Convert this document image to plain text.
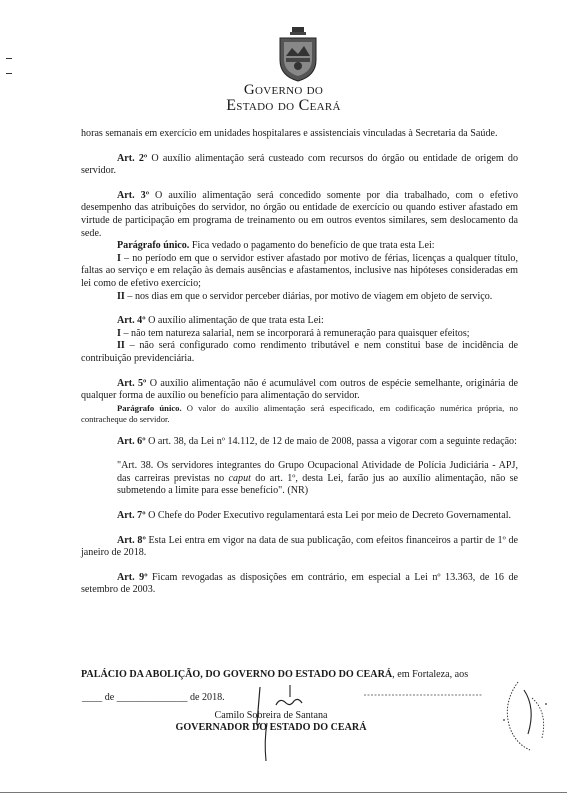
Governo do
Estado do Ceará

horas semanais em exercício em unidades hospitalares e assistenciais vinculadas à Secretaria da Saúde.

Art. 2º O auxílio alimentação será custeado com recursos do órgão ou entidade de origem do servidor.

Art. 3º O auxílio alimentação será concedido somente por dia trabalhado, com o efetivo desempenho das atribuições do servidor, no órgão ou entidade de exercício ou quando estiver afastado em virtude de participação em programa de treinamento ou em outros eventos similares, sem deslocamento da sede.

Parágrafo único. Fica vedado o pagamento do benefício de que trata esta Lei:

I – no período em que o servidor estiver afastado por motivo de férias, licenças a qualquer título, faltas ao serviço e em relação às demais ausências e afastamentos, inclusive nas hipóteses consideradas em lei como de efetivo exercício;

II – nos dias em que o servidor perceber diárias, por motivo de viagem em objeto de serviço.

Art. 4º O auxílio alimentação de que trata esta Lei:

I – não tem natureza salarial, nem se incorporará à remuneração para quaisquer efeitos;

II – não será configurado como rendimento tributável e nem constitui base de incidência de contribuição previdenciária.

Art. 5º O auxílio alimentação não é acumulável com outros de espécie semelhante, originária de qualquer forma de auxílio ou benefício para alimentação do servidor.

Parágrafo único. O valor do auxílio alimentação será especificado, em codificação numérica própria, no contracheque do servidor.

Art. 6º O art. 38, da Lei nº 14.112, de 12 de maio de 2008, passa a vigorar com a seguinte redação:

"Art. 38. Os servidores integrantes do Grupo Ocupacional Atividade de Polícia Judiciária - APJ, das carreiras previstas no caput do art. 1º, desta Lei, farão jus ao auxílio alimentação, não se submetendo a limite para esse benefício". (NR)

Art. 7º O Chefe do Poder Executivo regulamentará esta Lei por meio de Decreto Governamental.

Art. 8º Esta Lei entra em vigor na data de sua publicação, com efeitos financeiros a partir de 1º de janeiro de 2018.

Art. 9º Ficam revogadas as disposições em contrário, em especial a Lei nº 13.363, de 16 de setembro de 2003.

PALÁCIO DA ABOLIÇÃO, DO GOVERNO DO ESTADO DO CEARÁ, em Fortaleza, aos

____ de ______________ de 2018.

Camilo Sobreira de Santana
GOVERNADOR DO ESTADO DO CEARÁ
